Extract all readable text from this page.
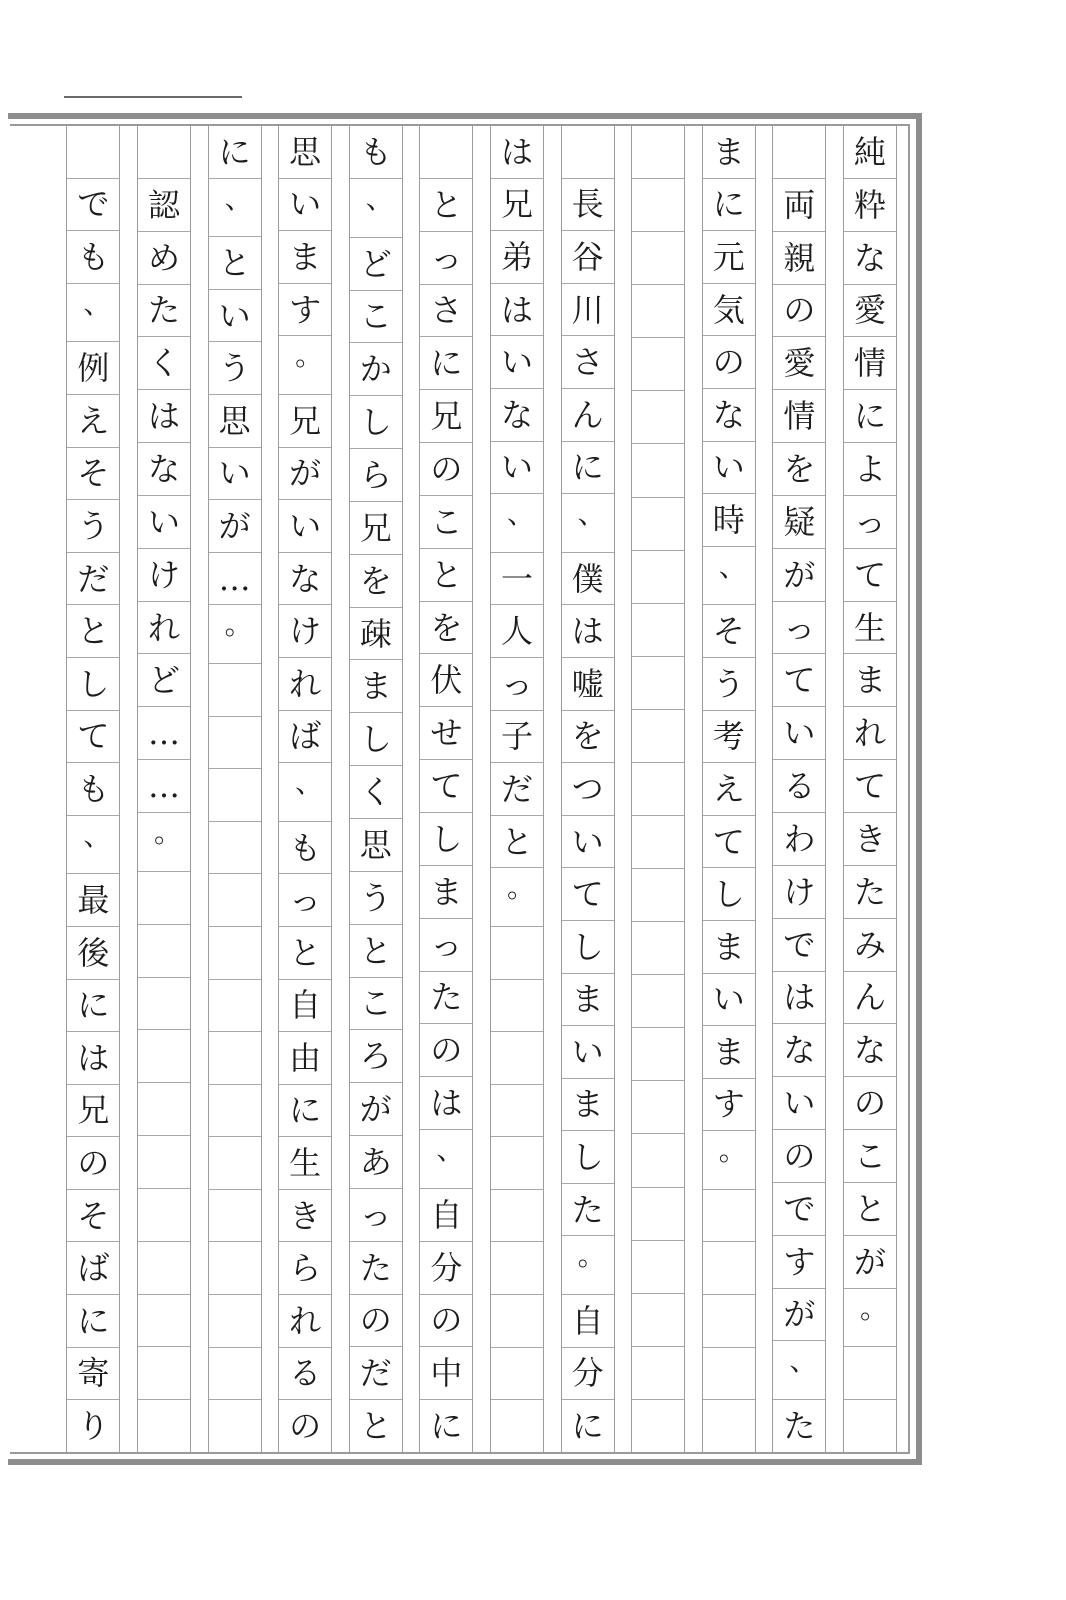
純
粋
な
愛
情
に
よ
っ
て
生
ま
れ
て
き
た
み
ん
な
の
こ
と
が
。
両
親
の
愛
情
を
疑
が
っ
て
い
る
わ
け
で
は
な
い
の
で
す
が
、
た
ま
に
元
気
の
な
い
時
、
そ
う
考
え
て
し
ま
い
ま
す
。
長
谷
川
さ
ん
に
、
僕
は
嘘
を
つ
い
て
し
ま
い
ま
し
た
。
自
分
に
は
兄
弟
は
い
な
い
、
一
人
っ
子
だ
と
。
と
っ
さ
に
兄
の
こ
と
を
伏
せ
て
し
ま
っ
た
の
は
、
自
分
の
中
に
も
、
ど
こ
か
し
ら
兄
を
疎
ま
し
く
思
う
と
こ
ろ
が
あ
っ
た
の
だ
と
思
い
ま
す
。
兄
が
い
な
け
れ
ば
、
も
っ
と
自
由
に
生
き
ら
れ
る
の
に
、
と
い
う
思
い
が
…
。
認
め
た
く
は
な
い
け
れ
ど
…
…
。
で
も
、
例
え
そ
う
だ
と
し
て
も
、
最
後
に
は
兄
の
そ
ば
に
寄
り
